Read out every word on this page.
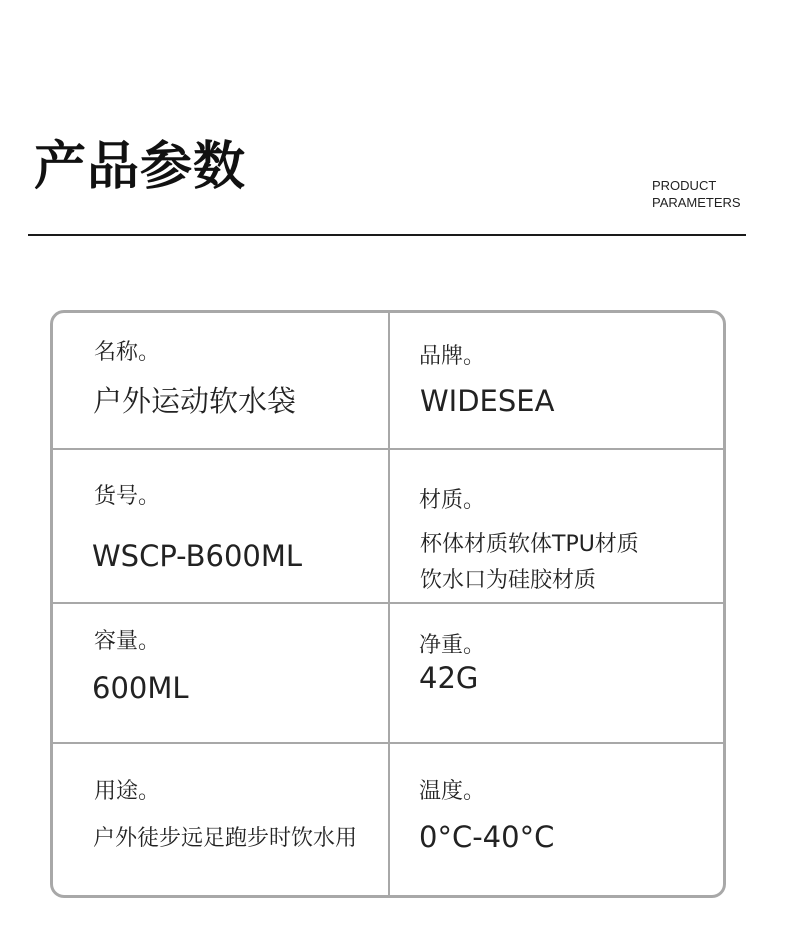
产品参数	PRODUCT
PARAMETERS
名称。
户外运动软水袋
品牌。
WIDESEA
货号。
WSCP-B600ML
材质。
杯体材质软体TPU材质
饮水口为硅胶材质
容量。
600ML
净重。
42G
用途。
户外徒步远足跑步时饮水用
温度。
0°C-40°C
